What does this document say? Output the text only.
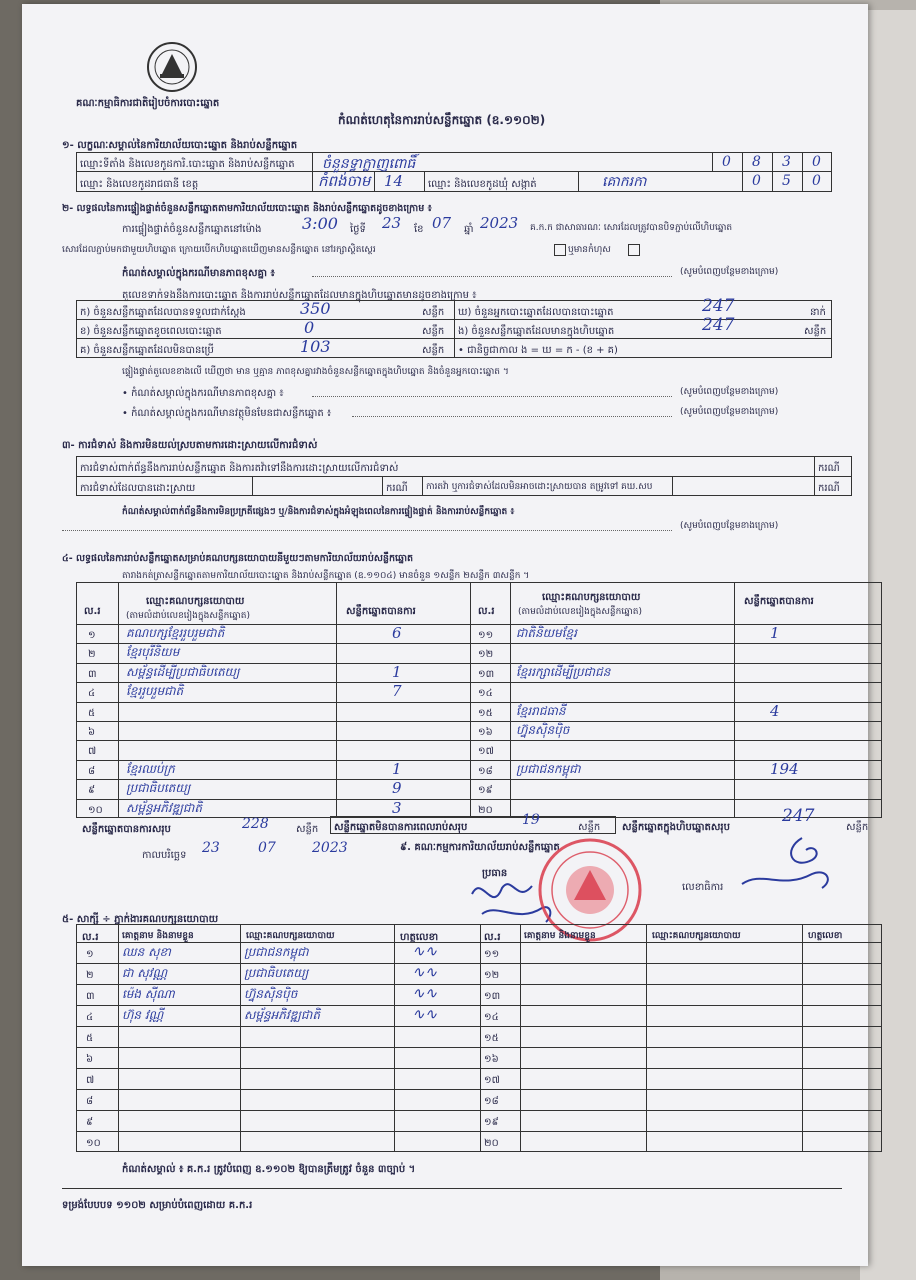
គណៈកម្មាធិការជាតិរៀបចំការបោះឆ្នោត
កំណត់ហេតុនៃការរាប់សន្លឹកឆ្នោត (ឧ.១១០២)
១- លក្ខណៈសម្គាល់នៃការិយាល័យបោះឆ្នោត និងរាប់សន្លឹកឆ្នោត
ឈ្មោះទីតាំង និងលេខកូដការិ.បោះឆ្នោត និងរាប់សន្លឹកឆ្នោត ចំនួនទ្វាក្លាញពោធិ៍	0 8 3 0
ឈ្មោះ និងលេខកូដរាជធានី ខេត្ត	កំពង់ចាម 14 ឈ្មោះ និងលេខកូដឃុំ សង្កាត់	គោករកា	0 5 0
២- លទ្ធផលនៃការផ្ទៀងផ្ទាត់ចំនួនសន្លឹកឆ្នោតតាមការិយាល័យបោះឆ្នោត និងរាប់សន្លឹកឆ្នោតដូចខាងក្រោម ៖
ការផ្ទៀងផ្ទាត់ចំនួនសន្លឹកឆ្នោតនៅម៉ោង	3:00 ថ្ងៃទី 23 ខែ 07 ឆ្នាំ 2023 គ.ក.ក ជាសាធារណៈ សោរដែលត្រូវបានបិទភ្ជាប់លើហិបឆ្នោត
សោរដែលភ្ជាប់មកជាមួយហិបឆ្នោត ក្រោយបើកហិបឆ្នោតឃើញមានសន្លឹកឆ្នោត នៅរក្សាស្ថិតស្ថេរ	ឬមានកំហុស
កំណត់សម្គាល់ក្នុងករណីមានភាពខុសគ្នា ៖	(សូមបំពេញបន្ថែមខាងក្រោម)
តួលេខទាក់ទងនឹងការបោះឆ្នោត និងការរាប់សន្លឹកឆ្នោតដែលមានក្នុងហិបឆ្នោតមានដូចខាងក្រោម ៖
ក) ចំនួនសន្លឹកឆ្នោតដែលបានទទួលជាក់ស្តែង	350	សន្លឹក
ខ) ចំនួនសន្លឹកឆ្នោតខូចពេលបោះឆ្នោត	0	សន្លឹក
គ) ចំនួនសន្លឹកឆ្នោតដែលមិនបានប្រើ	103	សន្លឹក
ឃ) ចំនួនអ្នកបោះឆ្នោតដែលបានបោះឆ្នោត	247	នាក់
ង) ចំនួនសន្លឹកឆ្នោតដែលមានក្នុងហិបឆ្នោត	247	សន្លឹក
• ជានិច្ចជាកាល ង = ឃ = ក - (ខ + គ)
ផ្ទៀងផ្ទាត់តួលេខខាងលើ ឃើញថា មាន ឬគ្មាន ភាពខុសគ្នារវាងចំនួនសន្លឹកឆ្នោតក្នុងហិបឆ្នោត និងចំនួនអ្នកបោះឆ្នោត ។
• កំណត់សម្គាល់ក្នុងករណីមានភាពខុសគ្នា ៖	(សូមបំពេញបន្ថែមខាងក្រោម)
• កំណត់សម្គាល់ក្នុងករណីមានវត្ថុមិនមែនជាសន្លឹកឆ្នោត ៖	(សូមបំពេញបន្ថែមខាងក្រោម)
៣- ការជំទាស់ និងការមិនយល់ស្របតាមការដោះស្រាយលើការជំទាស់
ការជំទាស់ពាក់ព័ន្ធនឹងការរាប់សន្លឹកឆ្នោត និងការតវ៉ាទៅនឹងការដោះស្រាយលើការជំទាស់	ករណី
ការជំទាស់ដែលបានដោះស្រាយ	ករណី ការតវ៉ា ឬការជំទាស់ដែលមិនអាចដោះស្រាយបាន តម្រូវទៅ គឃ.សប	ករណី
កំណត់សម្គាល់ពាក់ព័ន្ធនឹងការមិនប្រក្រតីផ្សេងៗ ឬ/និងការជំទាស់ក្នុងអំឡុងពេលនៃការផ្ទៀងផ្ទាត់ និងការរាប់សន្លឹកឆ្នោត ៖
(សូមបំពេញបន្ថែមខាងក្រោម)
៤- លទ្ធផលនៃការរាប់សន្លឹកឆ្នោតសម្រាប់គណបក្សនយោបាយនីមួយៗតាមការិយាល័យរាប់សន្លឹកឆ្នោត
តារាងកត់ត្រាសន្លឹកឆ្នោតតាមការិយាល័យបោះឆ្នោត និងរាប់សន្លឹកឆ្នោត (ឧ.១១០៤) មានចំនួន ១សន្លឹក ២សន្លឹក ៣សន្លឹក ។
ល.រ
ឈ្មោះគណបក្សនយោបាយ
(តាមលំដាប់លេខរៀងក្នុងសន្លឹកឆ្នោត)	សន្លឹកឆ្នោតបានការ	ល.រ
ឈ្មោះគណបក្សនយោបាយ
(តាមលំដាប់លេខរៀងក្នុងសន្លឹកឆ្នោត)
សន្លឹកឆ្នោតបានការ
១	គណបក្សខ្មែររួបរួមជាតិ	6	១១ ជាតិនិយមខ្មែរ	1
២	ខ្មែរបុរីនិយម	១២
៣ សម្ព័ន្ធដើម្បីប្រជាធិបតេយ្យ	1	១៣ ខ្មែររក្សាដើម្បីប្រជាជន
៤	ខ្មែររួបរួមជាតិ	7	១៤
៥	១៥ ខ្មែររាជធានី	4
៦	១៦ ហ្វ៊ុនស៊ិនប៉ិច
៧	១៧
៨	ខ្មែរឈប់ក្រ	1	១៨ ប្រជាជនកម្ពុជា	194
៩	ប្រជាធិបតេយ្យ	9	១៩
១០ សម្ព័ន្ធអភិវឌ្ឍជាតិ	3	២០
សន្លឹកឆ្នោតបានការសរុប	228	សន្លឹក សន្លឹកឆ្នោតមិនបានការពេលរាប់សរុប	19	សន្លឹក សន្លឹកឆ្នោតក្នុងហិបឆ្នោតសរុប
247
សន្លឹក
កាលបរិច្ឆេទ 23	07	2023	៩. គណៈកម្មការការិយាល័យរាប់សន្លឹកឆ្នោត
ប្រធាន
លេខាធិការ
៥- សាក្សី ÷ ភ្នាក់ងារគណបក្សនយោបាយ
ល.រ	គោត្តនាម និងនាមខ្លួន	ឈ្មោះគណបក្សនយោបាយ	ហត្ថលេខា	ល.រ	គោត្តនាម និងនាមខ្លួន	ឈ្មោះគណបក្សនយោបាយ	ហត្ថលេខា
១ ឈន សុខា	ប្រជាជនកម្ពុជា	∿∿	១១
២ ជា សុវណ្ណ	ប្រជាធិបតេយ្យ	∿∿	១២
៣ ម៉េង ស៊ីណា	ហ្វ៊ុនស៊ិនប៉ិច	∿∿	១៣
៤ ហ៊ុន វណ្ណី	សម្ព័ន្ធអភិវឌ្ឍជាតិ	∿∿	១៤
៥	១៥
៦	១៦
៧	១៧
៨	១៨
៩	១៩
១០	២០
កំណត់សម្គាល់ ៖ គ.ក.រ ត្រូវបំពេញ ឧ.១១០២ ឱ្យបានត្រឹមត្រូវ ចំនួន ៣ច្បាប់ ។
ទម្រង់បែបបទ ១១០២ សម្រាប់បំពេញដោយ គ.ក.រ
